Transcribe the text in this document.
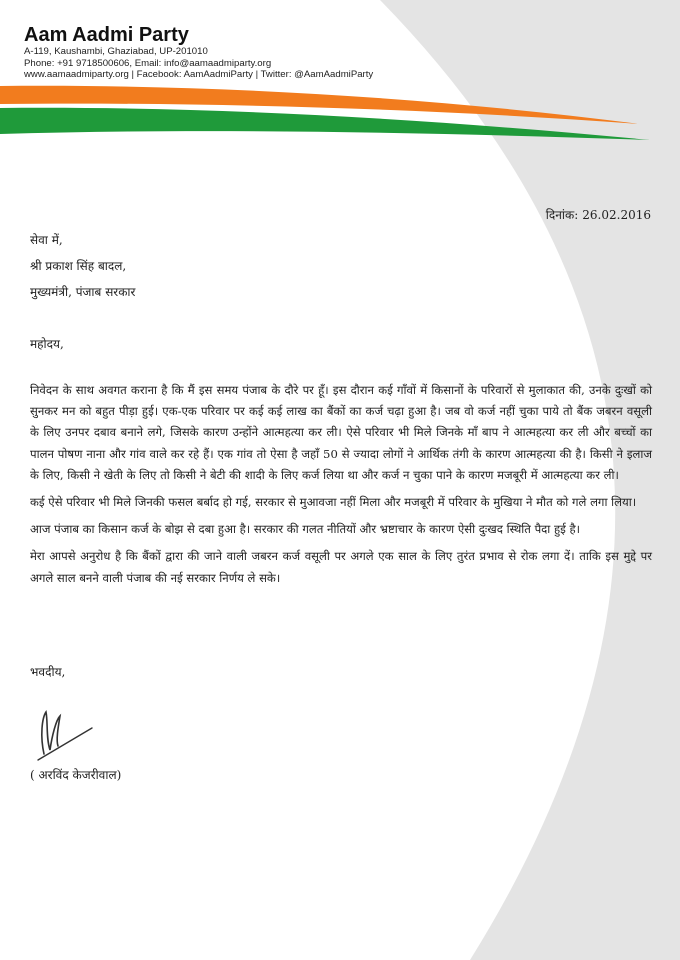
Aam Aadmi Party
A-119, Kaushambi, Ghaziabad, UP-201010
Phone: +91 9718500606, Email: info@aamaadmiparty.org
www.aamaadmiparty.org | Facebook: AamAadmiParty | Twitter: @AamAadmiParty
दिनांक: 26.02.2016
सेवा में,
श्री प्रकाश सिंह बादल,
मुख्यमंत्री, पंजाब सरकार
महोदय,

निवेदन के साथ अवगत कराना है कि मैं इस समय पंजाब के दौरे पर हूँ। इस दौरान कई गाँवों में किसानों के परिवारों से मुलाकात की, उनके दुःखों को सुनकर मन को बहुत पीड़ा हुई। एक-एक परिवार पर कई कई लाख का बैंकों का कर्ज चढ़ा हुआ है। जब वो कर्ज नहीं चुका पाये तो बैंक जबरन वसूली के लिए उनपर दबाव बनाने लगे, जिसके कारण उन्होंने आत्महत्या कर ली। ऐसे परिवार भी मिले जिनके माँ बाप ने आत्महत्या कर ली और बच्चों का पालन पोषण नाना और गांव वाले कर रहे हैं। एक गांव तो ऐसा है जहाँ 50 से ज्यादा लोगों ने आर्थिक तंगी के कारण आत्महत्या की है। किसी ने इलाज के लिए, किसी ने खेती के लिए तो किसी ने बेटी की शादी के लिए कर्ज लिया था और कर्ज न चुका पाने के कारण मजबूरी में आत्महत्या कर ली।

कई ऐसे परिवार भी मिले जिनकी फसल बर्बाद हो गई, सरकार से मुआवजा नहीं मिला और मजबूरी में परिवार के मुखिया ने मौत को गले लगा लिया।

आज पंजाब का किसान कर्ज के बोझ से दबा हुआ है। सरकार की गलत नीतियों और भ्रष्टाचार के कारण ऐसी दुःखद स्थिति पैदा हुई है।

मेरा आपसे अनुरोध है कि बैंकों द्वारा की जाने वाली जबरन कर्ज वसूली पर अगले एक साल के लिए तुरंत प्रभाव से रोक लगा दें। ताकि इस मुद्दे पर अगले साल बनने वाली पंजाब की नई सरकार निर्णय ले सके।

भवदीय,
( अरविंद केजरीवाल)
